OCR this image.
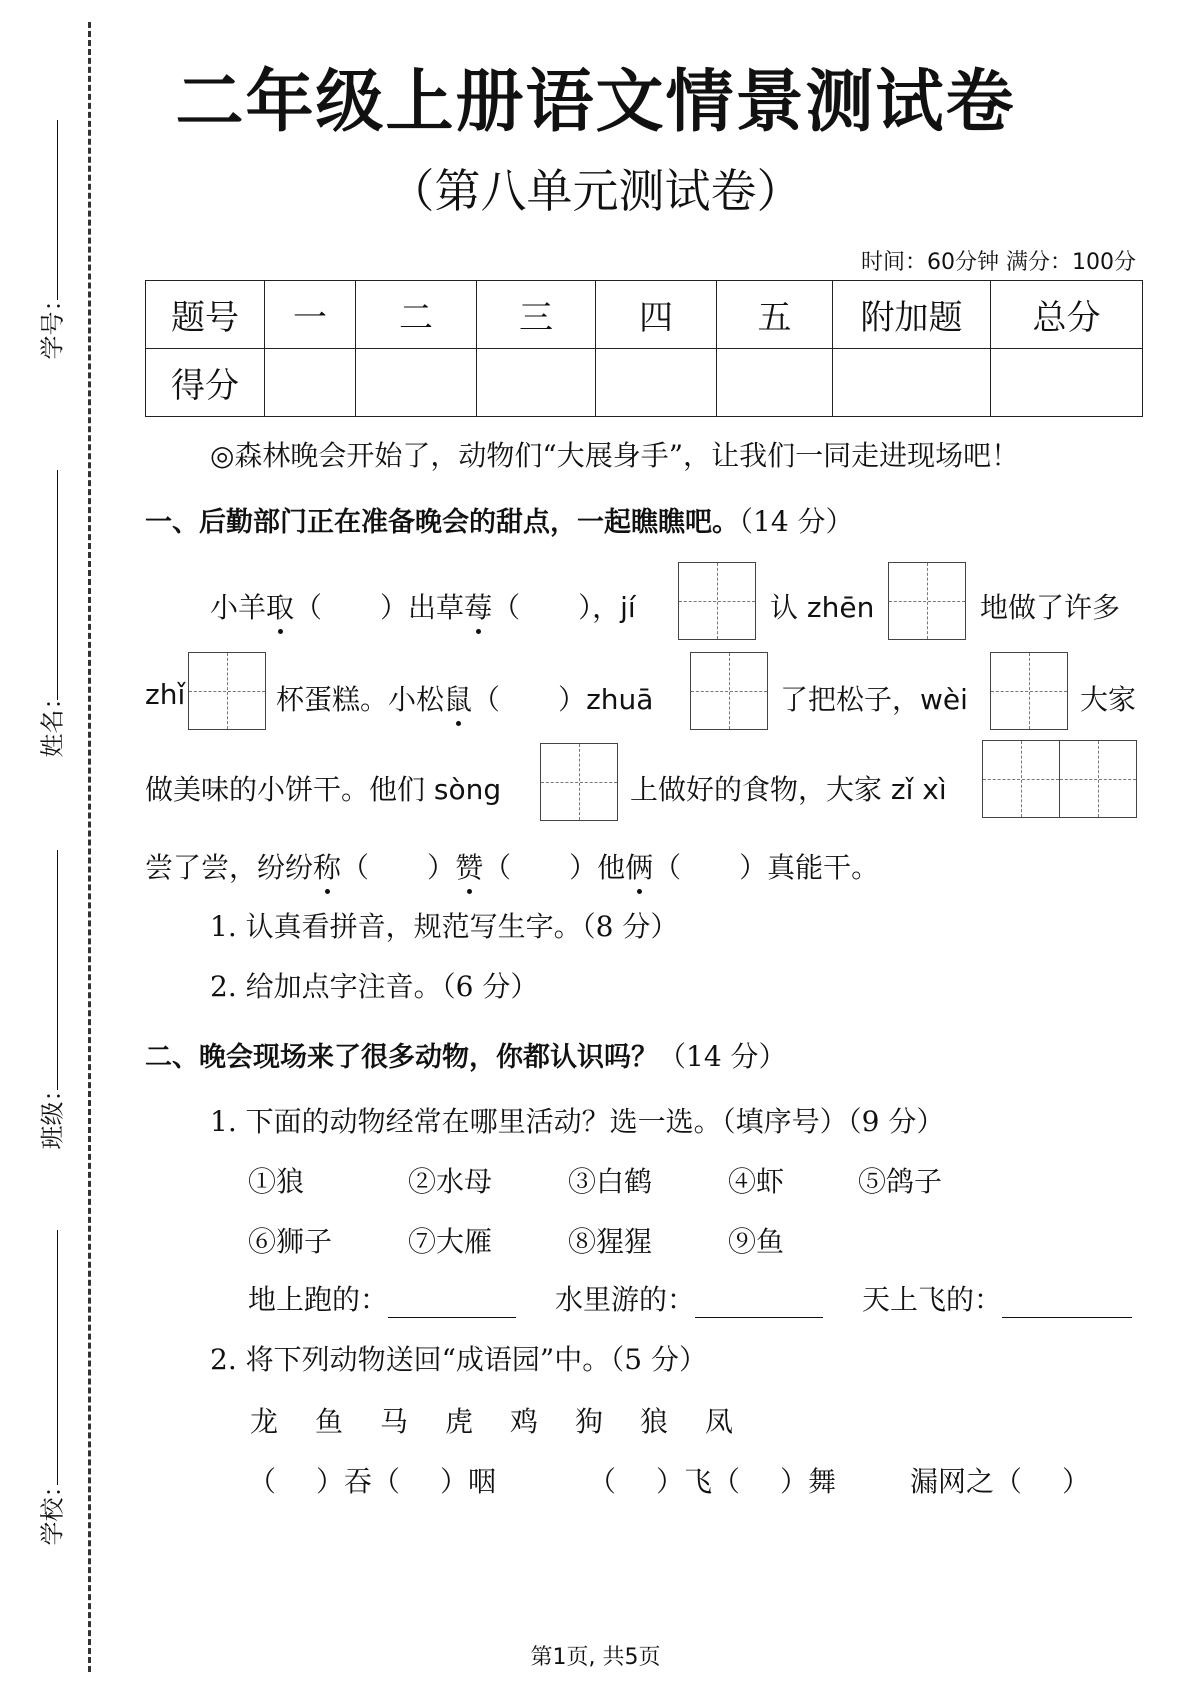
学号：
姓名：
班级：
学校：
二年级上册语文情景测试卷
（第八单元测试卷）
时间：60分钟 满分：100分
题号	一	二	三	四	五	附加题	总分
得分							
◎森林晚会开始了，动物们“大展身手”，让我们一同走进现场吧！
一、后勤部门正在准备晚会的甜点，一起瞧瞧吧。（14 分）
小羊取（ ）出草莓（ ），jí	认 zhēn	地做了许多
zhǐ	杯蛋糕。小松鼠（ ）zhuā	了把松子，wèi	大家
做美味的小饼干。他们 sòng	上做好的食物，大家 zǐ xì
尝了尝，纷纷称（ ）赞（ ）他俩（ ）真能干。
1. 认真看拼音，规范写生字。（8 分）
2. 给加点字注音。（6 分）
二、晚会现场来了很多动物，你都认识吗？（14 分）
1. 下面的动物经常在哪里活动？选一选。（填序号）（9 分）
①狼	②水母	③白鹤	④虾	⑤鸽子
⑥狮子	⑦大雁	⑧猩猩	⑨鱼
地上跑的：	水里游的：	天上飞的：
2. 将下列动物送回“成语园”中。（5 分）
龙 鱼 马 虎 鸡 狗 狼 凤
（ ）吞（ ）咽	（ ）飞（ ）舞	漏网之（ ）
第1页, 共5页
